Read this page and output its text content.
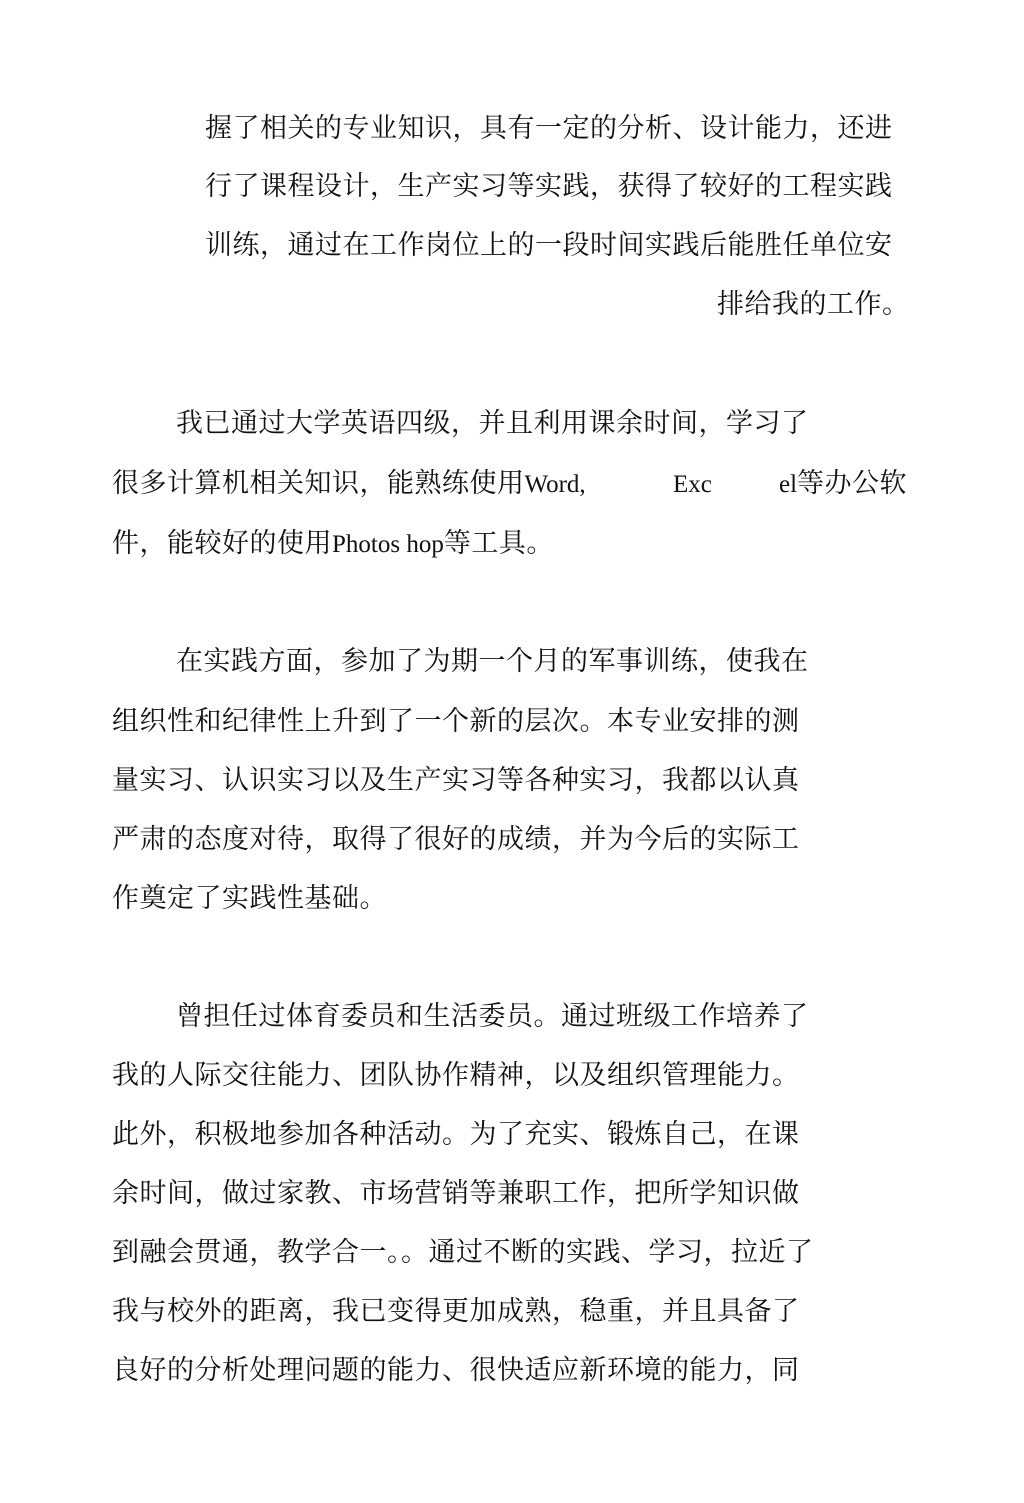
握了相关的专业知识，具有一定的分析、设计能力，还进
行了课程设计，生产实习等实践，获得了较好的工程实践
训练，通过在工作岗位上的一段时间实践后能胜任单位安
排给我的工作。
我已通过大学英语四级，并且利用课余时间，学习了
很多计算机相关知识，能熟练使用Word,	Exc	el等办公软
件，能较好的使用Photos hop等工具。
在实践方面，参加了为期一个月的军事训练，使我在
组织性和纪律性上升到了一个新的层次。本专业安排的测
量实习、认识实习以及生产实习等各种实习，我都以认真
严肃的态度对待，取得了很好的成绩，并为今后的实际工
作奠定了实践性基础。
曾担任过体育委员和生活委员。通过班级工作培养了
我的人际交往能力、团队协作精神，以及组织管理能力。
此外，积极地参加各种活动。为了充实、锻炼自己，在课
余时间，做过家教、市场营销等兼职工作，把所学知识做
到融会贯通，教学合一。。通过不断的实践、学习，拉近了
我与校外的距离，我已变得更加成熟，稳重，并且具备了
良好的分析处理问题的能力、很快适应新环境的能力，同
